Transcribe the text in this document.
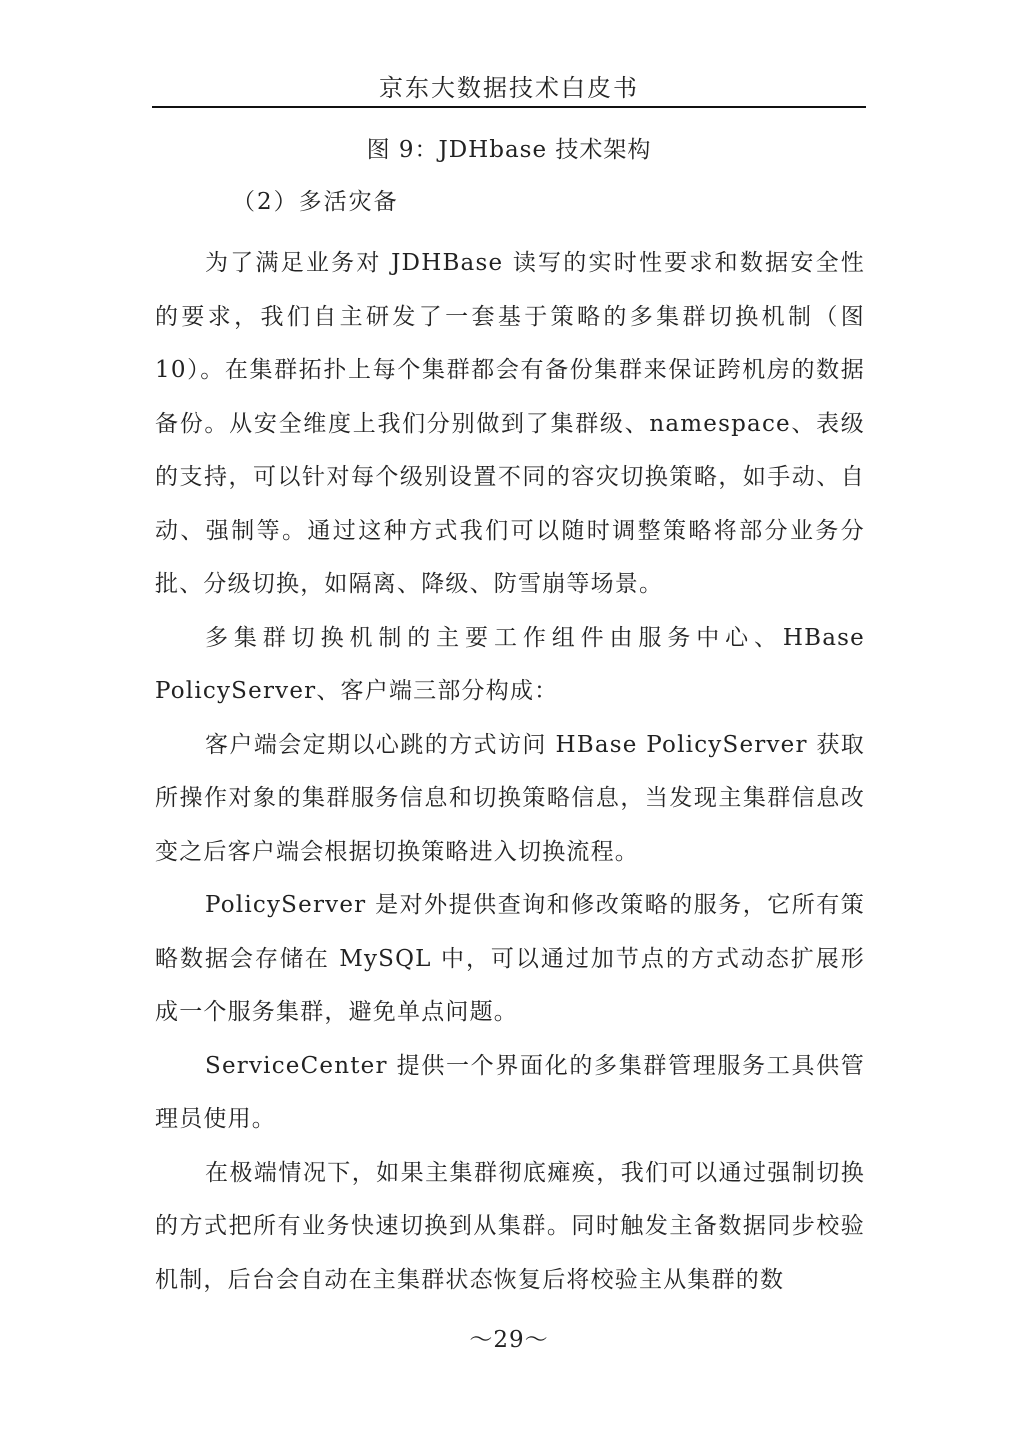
京东大数据技术白皮书
图 9：JDHbase 技术架构
（2）多活灾备

为了满足业务对 JDHBase 读写的实时性要求和数据安全性的要求，我们自主研发了一套基于策略的多集群切换机制（图 10）。在集群拓扑上每个集群都会有备份集群来保证跨机房的数据备份。从安全维度上我们分别做到了集群级、namespace、表级的支持，可以针对每个级别设置不同的容灾切换策略，如手动、自动、强制等。通过这种方式我们可以随时调整策略将部分业务分批、分级切换，如隔离、降级、防雪崩等场景。

多集群切换机制的主要工作组件由服务中心、HBase PolicyServer、客户端三部分构成：

客户端会定期以心跳的方式访问 HBase PolicyServer 获取所操作对象的集群服务信息和切换策略信息，当发现主集群信息改变之后客户端会根据切换策略进入切换流程。

PolicyServer 是对外提供查询和修改策略的服务，它所有策略数据会存储在 MySQL 中，可以通过加节点的方式动态扩展形成一个服务集群，避免单点问题。

ServiceCenter 提供一个界面化的多集群管理服务工具供管理员使用。

在极端情况下，如果主集群彻底瘫痪，我们可以通过强制切换的方式把所有业务快速切换到从集群。同时触发主备数据同步校验机制，后台会自动在主集群状态恢复后将校验主从集群的数

～29～
